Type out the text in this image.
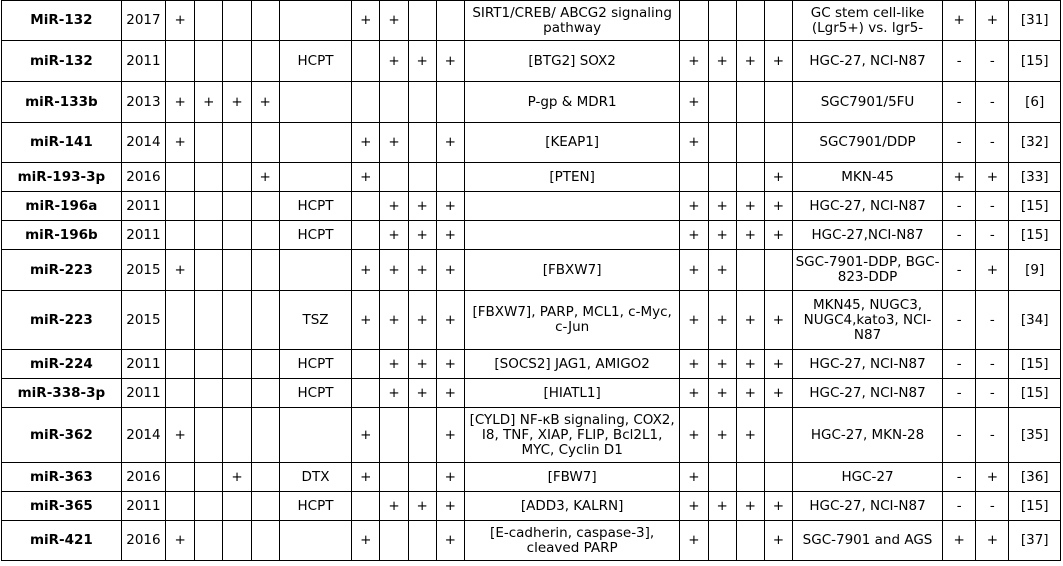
MiR-132	2017	+					+	+			SIRT1/CREB/ ABCG2 signaling pathway					GC stem cell-like (Lgr5+) vs. lgr5-	+	+	[31]
miR-132	2011					HCPT		+	+	+	[BTG2] SOX2	+	+	+	+	HGC-27, NCI-N87	-	-	[15]
miR-133b	2013	+	+	+	+						P-gp & MDR1	+				SGC7901/5FU	-	-	[6]
miR-141	2014	+					+	+		+	[KEAP1]	+				SGC7901/DDP	-	-	[32]
miR-193-3p	2016				+		+				[PTEN]				+	MKN-45	+	+	[33]
miR-196a	2011					HCPT		+	+	+		+	+	+	+	HGC-27, NCI-N87	-	-	[15]
miR-196b	2011					HCPT		+	+	+		+	+	+	+	HGC-27,NCI-N87	-	-	[15]
miR-223	2015	+					+	+	+	+	[FBXW7]	+	+			SGC-7901-DDP, BGC-823-DDP	-	+	[9]
miR-223	2015					TSZ	+	+	+	+	[FBXW7], PARP, MCL1, c-Myc, c-Jun	+	+	+	+	MKN45, NUGC3, NUGC4,kato3, NCI-N87	-	-	[34]
miR-224	2011					HCPT		+	+	+	[SOCS2] JAG1, AMIGO2	+	+	+	+	HGC-27, NCI-N87	-	-	[15]
miR-338-3p	2011					HCPT		+	+	+	[HIATL1]	+	+	+	+	HGC-27, NCI-N87	-	-	[15]
miR-362	2014	+					+			+	[CYLD] NF-κB signaling, COX2, I8, TNF, XIAP, FLIP, Bcl2L1, MYC, Cyclin D1	+	+	+		HGC-27, MKN-28	-	-	[35]
miR-363	2016			+		DTX	+			+	[FBW7]	+				HGC-27	-	+	[36]
miR-365	2011					HCPT		+	+	+	[ADD3, KALRN]	+	+	+	+	HGC-27, NCI-N87	-	-	[15]
miR-421	2016	+					+			+	[E-cadherin, caspase-3], cleaved PARP	+			+	SGC-7901 and AGS	+	+	[37]
